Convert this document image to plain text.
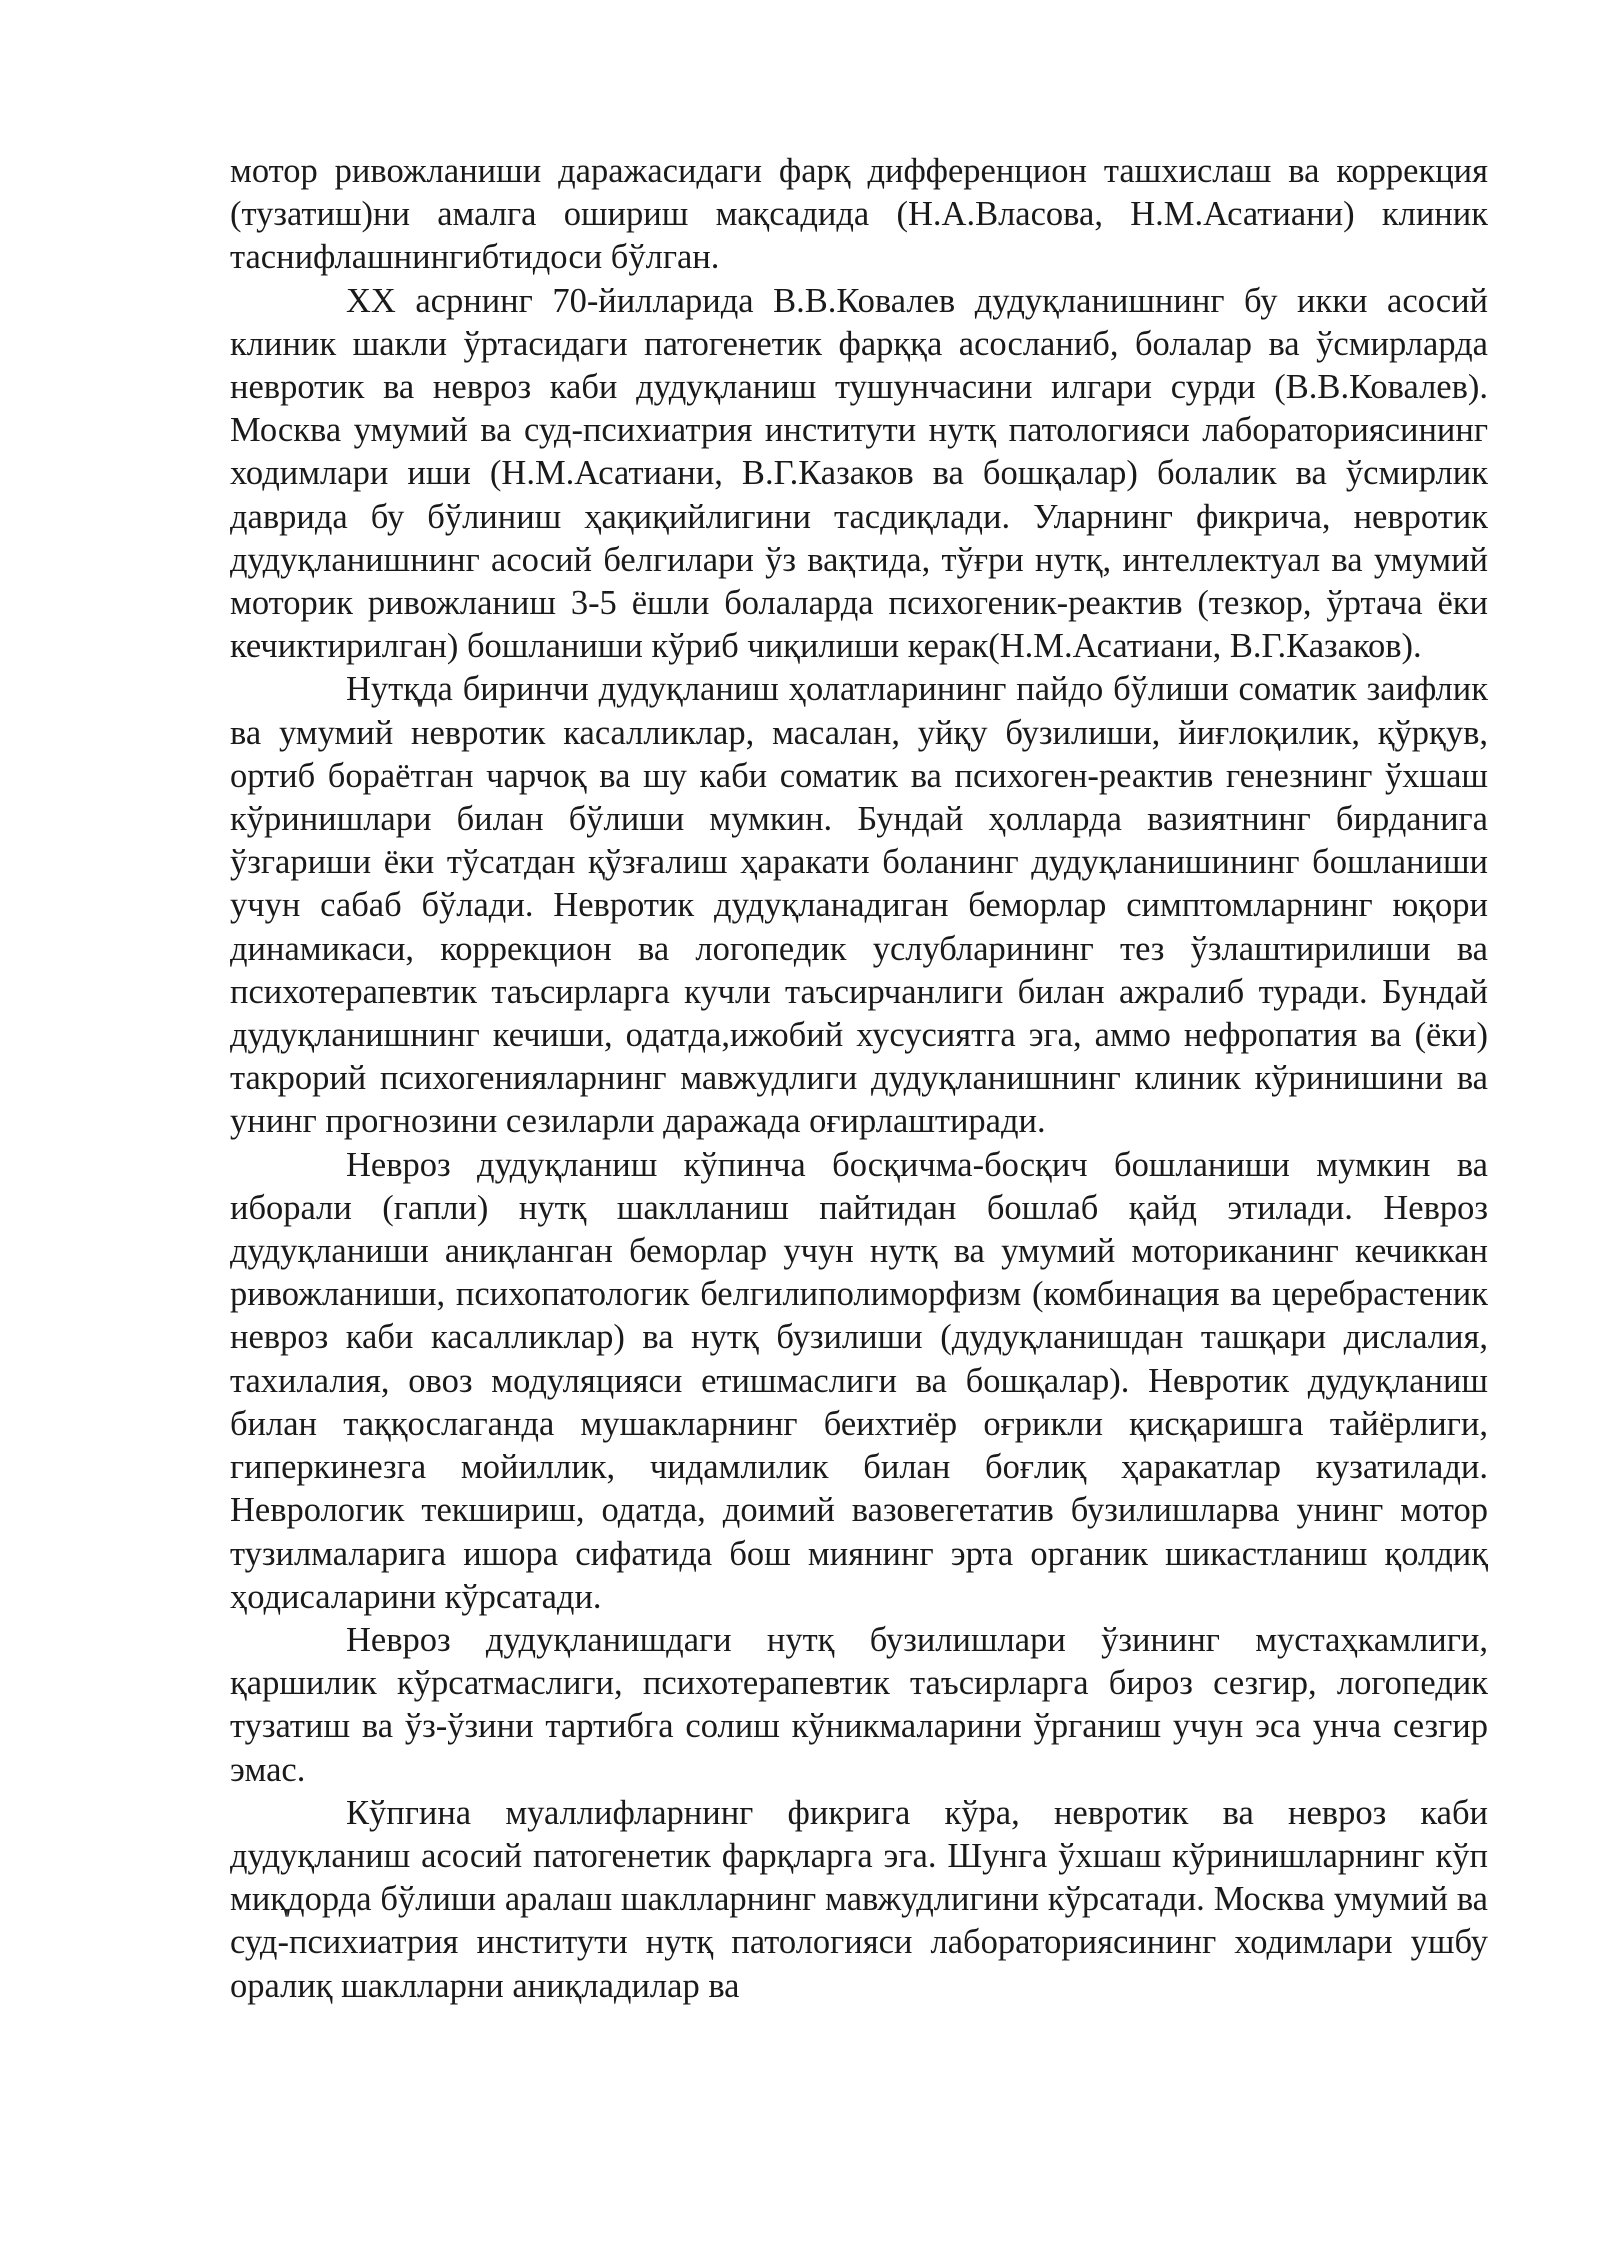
мотор ривожланиши даражасидаги фарқ дифференцион ташхислаш ва коррекция (тузатиш)ни амалга ошириш мақсадида (Н.А.Власова, Н.М.Асатиани) клиник таснифлашнингибтидоси бўлган.

XX асрнинг 70-йилларида В.В.Ковалев дудуқланишнинг бу икки асосий клиник шакли ўртасидаги патогенетик фарққа асосланиб, болалар ва ўсмирларда невротик ва невроз каби дудуқланиш тушунчасини илгари сурди (В.В.Ковалев). Москва умумий ва суд-психиатрия институти нутқ патологияси лабораториясининг ходимлари иши (Н.М.Асатиани, В.Г.Казаков ва бошқалар) болалик ва ўсмирлик даврида бу бўлиниш ҳақиқийлигини тасдиқлади. Уларнинг фикрича, невротик дудуқланишнинг асосий белгилари ўз вақтида, тўғри нутқ, интеллектуал ва умумий моторик ривожланиш 3-5 ёшли болаларда психогеник-реактив (тезкор, ўртача ёки кечиктирилган) бошланиши кўриб чиқилиши керак(Н.М.Асатиани, В.Г.Казаков).

Нутқда биринчи дудуқланиш ҳолатларининг пайдо бўлиши соматик заифлик ва умумий невротик касалликлар, масалан, уйқу бузилиши, йиғлоқилик, қўрқув, ортиб бораётган чарчоқ ва шу каби соматик ва психоген-реактив генезнинг ўхшаш кўринишлари билан бўлиши мумкин. Бундай ҳолларда вазиятнинг бирданига ўзгариши ёки тўсатдан қўзғалиш ҳаракати боланинг дудуқланишининг бошланиши учун сабаб бўлади. Невротик дудуқланадиган беморлар симптомларнинг юқори динамикаси, коррекцион ва логопедик услубларининг тез ўзлаштирилиши ва психотерапевтик таъсирларга кучли таъсирчанлиги билан ажралиб туради. Бундай дудуқланишнинг кечиши, одатда,ижобий хусусиятга эга, аммо нефропатия ва (ёки) такрорий психогенияларнинг мавжудлиги дудуқланишнинг клиник кўринишини ва унинг прогнозини сезиларли даражада оғирлаштиради.

Невроз дудуқланиш кўпинча босқичма-босқич бошланиши мумкин ва иборали (гапли) нутқ шаклланиш пайтидан бошлаб қайд этилади. Невроз дудуқланиши аниқланган беморлар учун нутқ ва умумий моториканинг кечиккан ривожланиши, психопатологик белгилиполиморфизм (комбинация ва церебрастеник невроз каби касалликлар) ва нутқ бузилиши (дудуқланишдан ташқари дислалия, тахилалия, овоз модуляцияси етишмаслиги ва бошқалар). Невротик дудуқланиш билан таққослаганда мушакларнинг беихтиёр оғрикли қисқаришга тайёрлиги, гиперкинезга мойиллик, чидамлилик билан боғлиқ ҳаракатлар кузатилади. Неврологик текшириш, одатда, доимий вазовегетатив бузилишларва унинг мотор тузилмаларига ишора сифатида бош миянинг эрта органик шикастланиш қолдиқ ҳодисаларини кўрсатади.

Невроз дудуқланишдаги нутқ бузилишлари ўзининг мустаҳкамлиги, қаршилик кўрсатмаслиги, психотерапевтик таъсирларга бироз сезгир, логопедик тузатиш ва ўз-ўзини тартибга солиш кўникмаларини ўрганиш учун эса унча сезгир эмас.

Кўпгина муаллифларнинг фикрига кўра, невротик ва невроз каби дудуқланиш асосий патогенетик фарқларга эга. Шунга ўхшаш кўринишларнинг кўп миқдорда бўлиши аралаш шаклларнинг мавжудлигини кўрсатади. Москва умумий ва суд-психиатрия институти нутқ патологияси лабораториясининг ходимлари ушбу оралиқ шаклларни аниқладилар ва
